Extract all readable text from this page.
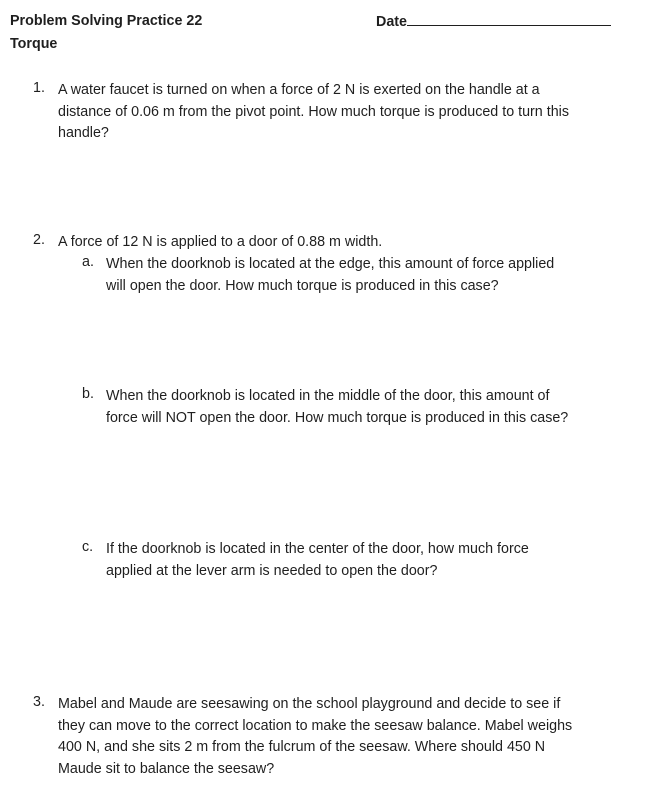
Problem Solving Practice 22
Torque
Date
1. A water faucet is turned on when a force of 2 N is exerted on the handle at a
distance of 0.06 m from the pivot point. How much torque is produced to turn this
handle?
2. A force of 12 N is applied to a door of 0.88 m width.
a. When the doorknob is located at the edge, this amount of force applied
will open the door. How much torque is produced in this case?
b. When the doorknob is located in the middle of the door, this amount of
force will NOT open the door. How much torque is produced in this case?
c. If the doorknob is located in the center of the door, how much force
applied at the lever arm is needed to open the door?
3. Mabel and Maude are seesawing on the school playground and decide to see if
they can move to the correct location to make the seesaw balance. Mabel weighs
400 N, and she sits 2 m from the fulcrum of the seesaw. Where should 450 N
Maude sit to balance the seesaw?
